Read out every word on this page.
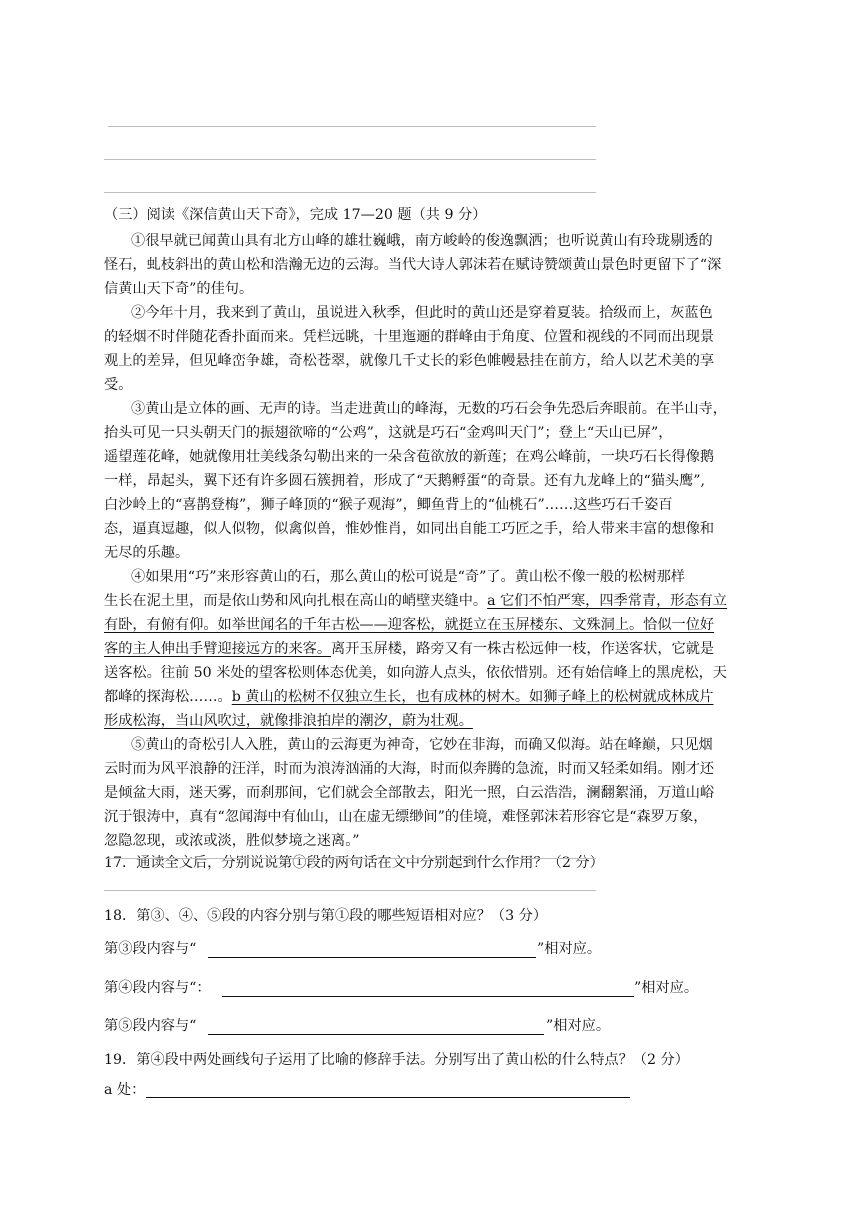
（三）阅读《深信黄山天下奇》，完成 17—20 题（共 9 分）
①很早就已闻黄山具有北方山峰的雄壮巍峨，南方峻岭的俊逸飘洒；也听说黄山有玲珑剔透的
怪石，虬枝斜出的黄山松和浩瀚无边的云海。当代大诗人郭沫若在赋诗赞颂黄山景色时更留下了“深
信黄山天下奇”的佳句。
②今年十月，我来到了黄山，虽说进入秋季，但此时的黄山还是穿着夏装。拾级而上，灰蓝色
的轻烟不时伴随花香扑面而来。凭栏远眺，十里迤逦的群峰由于角度、位置和视线的不同而出现景
观上的差异，但见峰峦争雄，奇松苍翠，就像几千丈长的彩色帷幔悬挂在前方，给人以艺术美的享
受。
③黄山是立体的画、无声的诗。当走进黄山的峰海，无数的巧石会争先恐后奔眼前。在半山寺，
抬头可见一只头朝天门的振翅欲啼的“公鸡”，这就是巧石“金鸡叫天门”；登上“天山已屏”，
遥望莲花峰，她就像用壮美线条勾勒出来的一朵含苞欲放的新莲；在鸡公峰前，一块巧石长得像鹅
一样，昂起头，翼下还有许多圆石簇拥着，形成了“天鹅孵蛋“的奇景。还有九龙峰上的“猫头鹰”,
白沙岭上的“喜鹊登梅”，狮子峰顶的“猴子观海”，鲫鱼背上的“仙桃石”……这些巧石千姿百
态，逼真逗趣，似人似物，似禽似兽，惟妙惟肖，如同出自能工巧匠之手，给人带来丰富的想像和
无尽的乐趣。
④如果用“巧”来形容黄山的石，那么黄山的松可说是“奇”了。黄山松不像一般的松树那样
生长在泥土里，而是依山势和风向扎根在高山的峭壁夹缝中。a 它们不怕严寒，四季常青，形态有立
有卧，有俯有仰。如举世闻名的千年古松——迎客松，就挺立在玉屏楼东、文殊洞上。恰似一位好
客的主人伸出手臂迎接远方的来客。离开玉屏楼，路旁又有一株古松远伸一枝，作送客状，它就是
送客松。往前 50 米处的望客松则体态优美，如向游人点头，依依惜别。还有始信峰上的黑虎松，天
都峰的探海松……。b 黄山的松树不仅独立生长，也有成林的树木。如狮子峰上的松树就成林成片
形成松海，当山风吹过，就像排浪拍岸的潮汐，蔚为壮观。
⑤黄山的奇松引人入胜，黄山的云海更为神奇，它妙在非海，而确又似海。站在峰巅，只见烟
云时而为风平浪静的汪洋，时而为浪涛汹涌的大海，时而似奔腾的急流，时而又轻柔如绢。刚才还
是倾盆大雨，迷天雾，而刹那间，它们就会全部散去，阳光一照，白云浩浩，澜翻絮涌，万道山峪
沉于银涛中，真有“忽闻海中有仙山，山在虚无缥缈间”的佳境，难怪郭沫若形容它是“森罗万象，
忽隐忽现，或浓或淡，胜似梦境之迷离。”
17．通读全文后，分别说说第①段的两句话在文中分别起到什么作用？（2 分）
18．第③、④、⑤段的内容分别与第①段的哪些短语相对应？（3 分）
第③段内容与“	”相对应。
第④段内容与“：	”相对应。
第⑤段内容与“	”相对应。
19．第④段中两处画线句子运用了比喻的修辞手法。分别写出了黄山松的什么特点？（2 分）
a 处：
